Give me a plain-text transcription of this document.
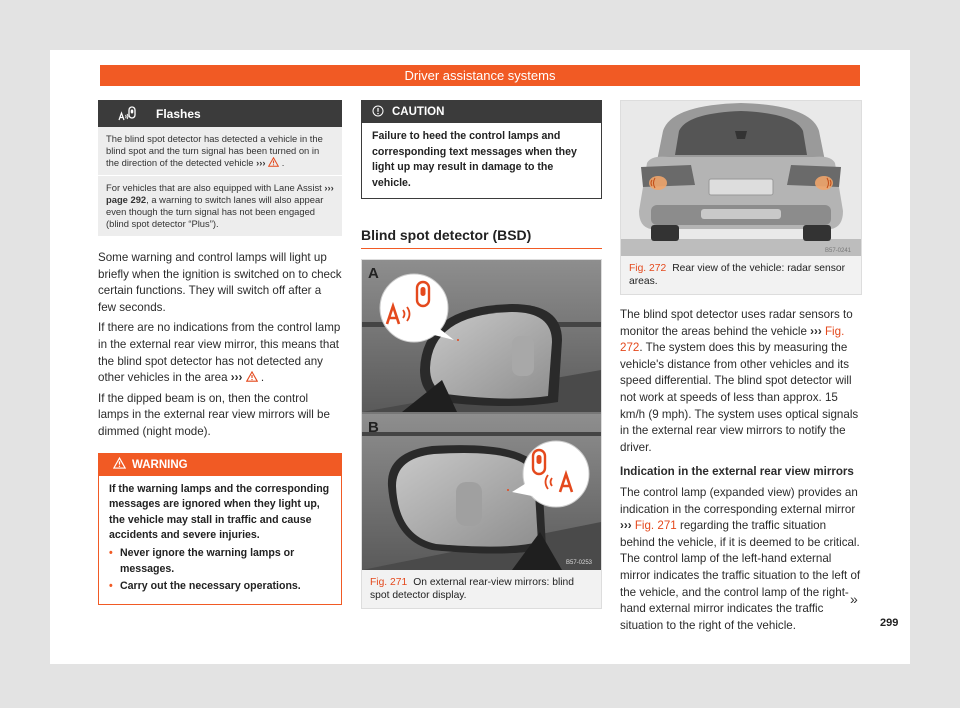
Driver assistance systems
Flashes
The blind spot detector has detected a vehicle in the blind spot and the turn signal has been turned on in the direction of the detected vehicle ››› .
For vehicles that are also equipped with Lane Assist ››› page 292, a warning to switch lanes will also appear even though the turn signal has not been engaged (blind spot detector “Plus”).

Some warning and control lamps will light up briefly when the ignition is switched on to check certain functions. They will switch off after a few seconds.

If there are no indications from the control lamp in the external rear view mirror, this means that the blind spot detector has not detected any other vehicles in the area ››› .

If the dipped beam is on, then the control lamps in the external rear view mirrors will be dimmed (night mode).

WARNING
If the warning lamps and the corresponding messages are ignored when they light up, the vehicle may stall in traffic and cause accidents and severe injuries.
• Never ignore the warning lamps or messages.
• Carry out the necessary operations.
CAUTION
Failure to heed the control lamps and corresponding text messages when they light up may result in damage to the vehicle.
Blind spot detector (BSD)
A
B
B57-0253
Fig. 271 On external rear-view mirrors: blind spot detector display.
B57-0241
Fig. 272 Rear view of the vehicle: radar sensor areas.

The blind spot detector uses radar sensors to monitor the areas behind the vehicle ››› Fig. 272. The system does this by measuring the vehicle's distance from other vehicles and its speed differential. The blind spot detector will not work at speeds of less than approx. 15 km/h (9 mph). The system uses optical signals in the external rear view mirrors to notify the driver.

Indication in the external rear view mirrors

The control lamp (expanded view) provides an indication in the corresponding external mirror ››› Fig. 271 regarding the traffic situation behind the vehicle, if it is deemed to be critical. The control lamp of the left-hand external mirror indicates the traffic situation to the left of the vehicle, and the control lamp of the right-hand external mirror indicates the traffic situation to the right of the vehicle.

»
299
